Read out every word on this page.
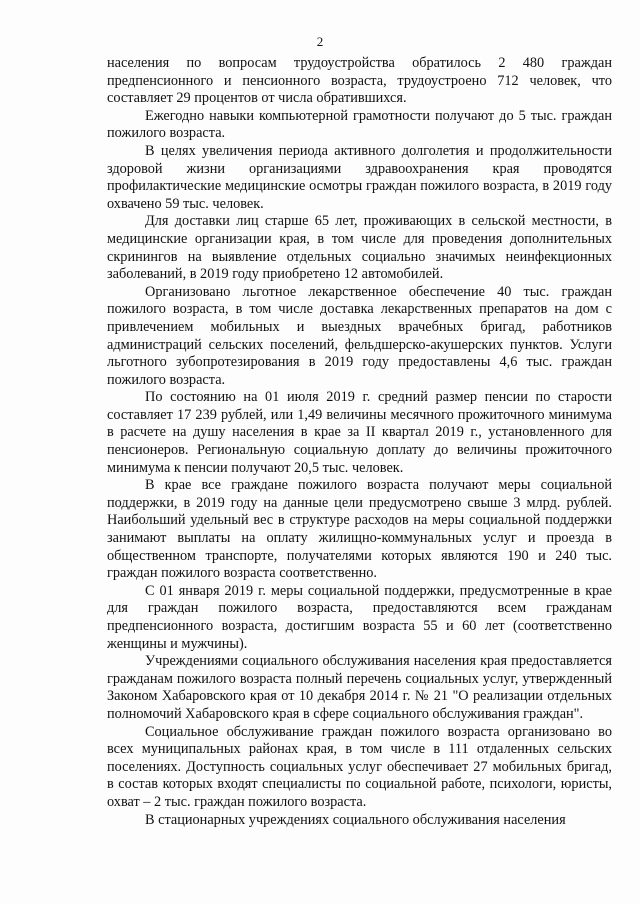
2

населения по вопросам трудоустройства обратилось 2 480 граждан предпенсионного и пенсионного возраста, трудоустроено 712 человек, что составляет 29 процентов от числа обратившихся.

Ежегодно навыки компьютерной грамотности получают до 5 тыс. граждан пожилого возраста.

В целях увеличения периода активного долголетия и продолжительности здоровой жизни организациями здравоохранения края проводятся профилактические медицинские осмотры граждан пожилого возраста, в 2019 году охвачено 59 тыс. человек.

Для доставки лиц старше 65 лет, проживающих в сельской местности, в медицинские организации края, в том числе для проведения дополнительных скринингов на выявление отдельных социально значимых неинфекционных заболеваний, в 2019 году приобретено 12 автомобилей.

Организовано льготное лекарственное обеспечение 40 тыс. граждан пожилого возраста, в том числе доставка лекарственных препаратов на дом с привлечением мобильных и выездных врачебных бригад, работников администраций сельских поселений, фельдшерско-акушерских пунктов. Услуги льготного зубопротезирования в 2019 году предоставлены 4,6 тыс. граждан пожилого возраста.

По состоянию на 01 июля 2019 г. средний размер пенсии по старости составляет 17 239 рублей, или 1,49 величины месячного прожиточного минимума в расчете на душу населения в крае за II квартал 2019 г., установленного для пенсионеров. Региональную социальную доплату до величины прожиточного минимума к пенсии получают 20,5 тыс. человек.

В крае все граждане пожилого возраста получают меры социальной поддержки, в 2019 году на данные цели предусмотрено свыше 3 млрд. рублей. Наибольший удельный вес в структуре расходов на меры социальной поддержки занимают выплаты на оплату жилищно-коммунальных услуг и проезда в общественном транспорте, получателями которых являются 190 и 240 тыс. граждан пожилого возраста соответственно.

С 01 января 2019 г. меры социальной поддержки, предусмотренные в крае для граждан пожилого возраста, предоставляются всем гражданам предпенсионного возраста, достигшим возраста 55 и 60 лет (соответственно женщины и мужчины).

Учреждениями социального обслуживания населения края предоставляется гражданам пожилого возраста полный перечень социальных услуг, утвержденный Законом Хабаровского края от 10 декабря 2014 г. № 21 "О реализации отдельных полномочий Хабаровского края в сфере социального обслуживания граждан".

Социальное обслуживание граждан пожилого возраста организовано во всех муниципальных районах края, в том числе в 111 отдаленных сельских поселениях. Доступность социальных услуг обеспечивает 27 мобильных бригад, в состав которых входят специалисты по социальной работе, психологи, юристы, охват – 2 тыс. граждан пожилого возраста.

В стационарных учреждениях социального обслуживания населения
